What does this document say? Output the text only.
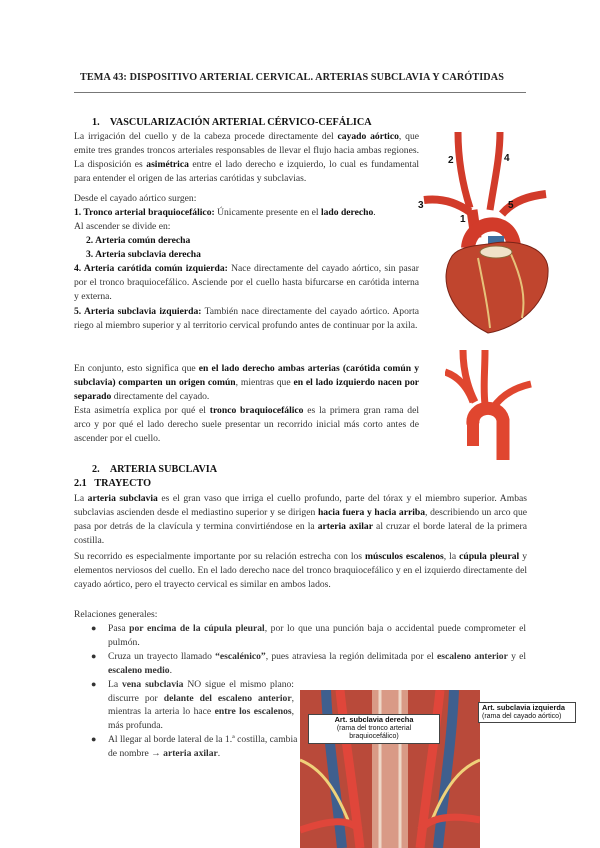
TEMA 43: DISPOSITIVO ARTERIAL CERVICAL. ARTERIAS SUBCLAVIA Y CARÓTIDAS
1. VASCULARIZACIÓN ARTERIAL CÉRVICO-CEFÁLICA
La irrigación del cuello y de la cabeza procede directamente del cayado aórtico, que emite tres grandes troncos arteriales responsables de llevar el flujo hacia ambas regiones. La disposición es asimétrica entre el lado derecho e izquierdo, lo cual es fundamental para entender el origen de las arterias carótidas y subclavias.
Desde el cayado aórtico surgen:
1. Tronco arterial braquiocefálico: Únicamente presente en el lado derecho.
Al ascender se divide en:
2. Arteria común derecha
3. Arteria subclavia derecha
4. Arteria carótida común izquierda: Nace directamente del cayado aórtico, sin pasar por el tronco braquiocefálico. Asciende por el cuello hasta bifurcarse en carótida interna y externa.
5. Arteria subclavia izquierda: También nace directamente del cayado aórtico. Aporta riego al miembro superior y al territorio cervical profundo antes de continuar por la axila.
En conjunto, esto significa que en el lado derecho ambas arterias (carótida común y subclavia) comparten un origen común, mientras que en el lado izquierdo nacen por separado directamente del cayado.
Esta asimetría explica por qué el tronco braquiocefálico es la primera gran rama del arco y por qué el lado derecho suele presentar un recorrido inicial más corto antes de ascender por el cuello.
2	4
3	5
1
2. ARTERIA SUBCLAVIA
2.1 TRAYECTO
La arteria subclavia es el gran vaso que irriga el cuello profundo, parte del tórax y el miembro superior. Ambas subclavias ascienden desde el mediastino superior y se dirigen hacia fuera y hacia arriba, describiendo un arco que pasa por detrás de la clavícula y termina convirtiéndose en la arteria axilar al cruzar el borde lateral de la primera costilla.
Su recorrido es especialmente importante por su relación estrecha con los músculos escalenos, la cúpula pleural y elementos nerviosos del cuello. En el lado derecho nace del tronco braquiocefálico y en el izquierdo directamente del cayado aórtico, pero el trayecto cervical es similar en ambos lados.
Relaciones generales:
● Pasa por encima de la cúpula pleural, por lo que una punción baja o accidental puede comprometer el pulmón.
● Cruza un trayecto llamado “escalénico”, pues atraviesa la región delimitada por el escaleno anterior y el escaleno medio.
● La vena subclavia NO sigue el mismo plano: discurre por delante del escaleno anterior, mientras la arteria lo hace entre los escalenos, más profunda.
● Al llegar al borde lateral de la 1.ª costilla, cambia de nombre → arteria axilar.
Art. subclavia derecha
(rama del tronco arterial braquiocefálico)
Art. subclavia izquierda
(rama del cayado aórtico)
